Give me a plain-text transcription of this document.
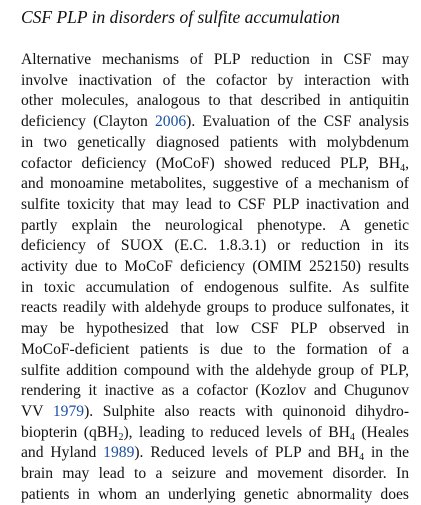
CSF PLP in disorders of sulfite accumulation
Alternative mechanisms of PLP reduction in CSF may
involve inactivation of the cofactor by interaction with
other molecules, analogous to that described in antiquitin
deficiency (Clayton 2006). Evaluation of the CSF analysis
in two genetically diagnosed patients with molybdenum
cofactor deficiency (MoCoF) showed reduced PLP, $BH_4$,
and monoamine metabolites, suggestive of a mechanism of
sulfite toxicity that may lead to CSF PLP inactivation and
partly explain the neurological phenotype. A genetic
deficiency of SUOX (E.C. 1.8.3.1) or reduction in its
activity due to MoCoF deficiency (OMIM 252150) results
in toxic accumulation of endogenous sulfite. As sulfite
reacts readily with aldehyde groups to produce sulfonates, it
may be hypothesized that low CSF PLP observed in
MoCoF-deficient patients is due to the formation of a
sulfite addition compound with the aldehyde group of PLP,
rendering it inactive as a cofactor (Kozlov and Chugunov
VV 1979). Sulphite also reacts with quinonoid dihydro-
biopterin (qBH$_2$), leading to reduced levels of $BH_4$ (Heales
and Hyland 1989). Reduced levels of PLP and $BH_4$ in the
brain may lead to a seizure and movement disorder. In
patients in whom an underlying genetic abnormality does
